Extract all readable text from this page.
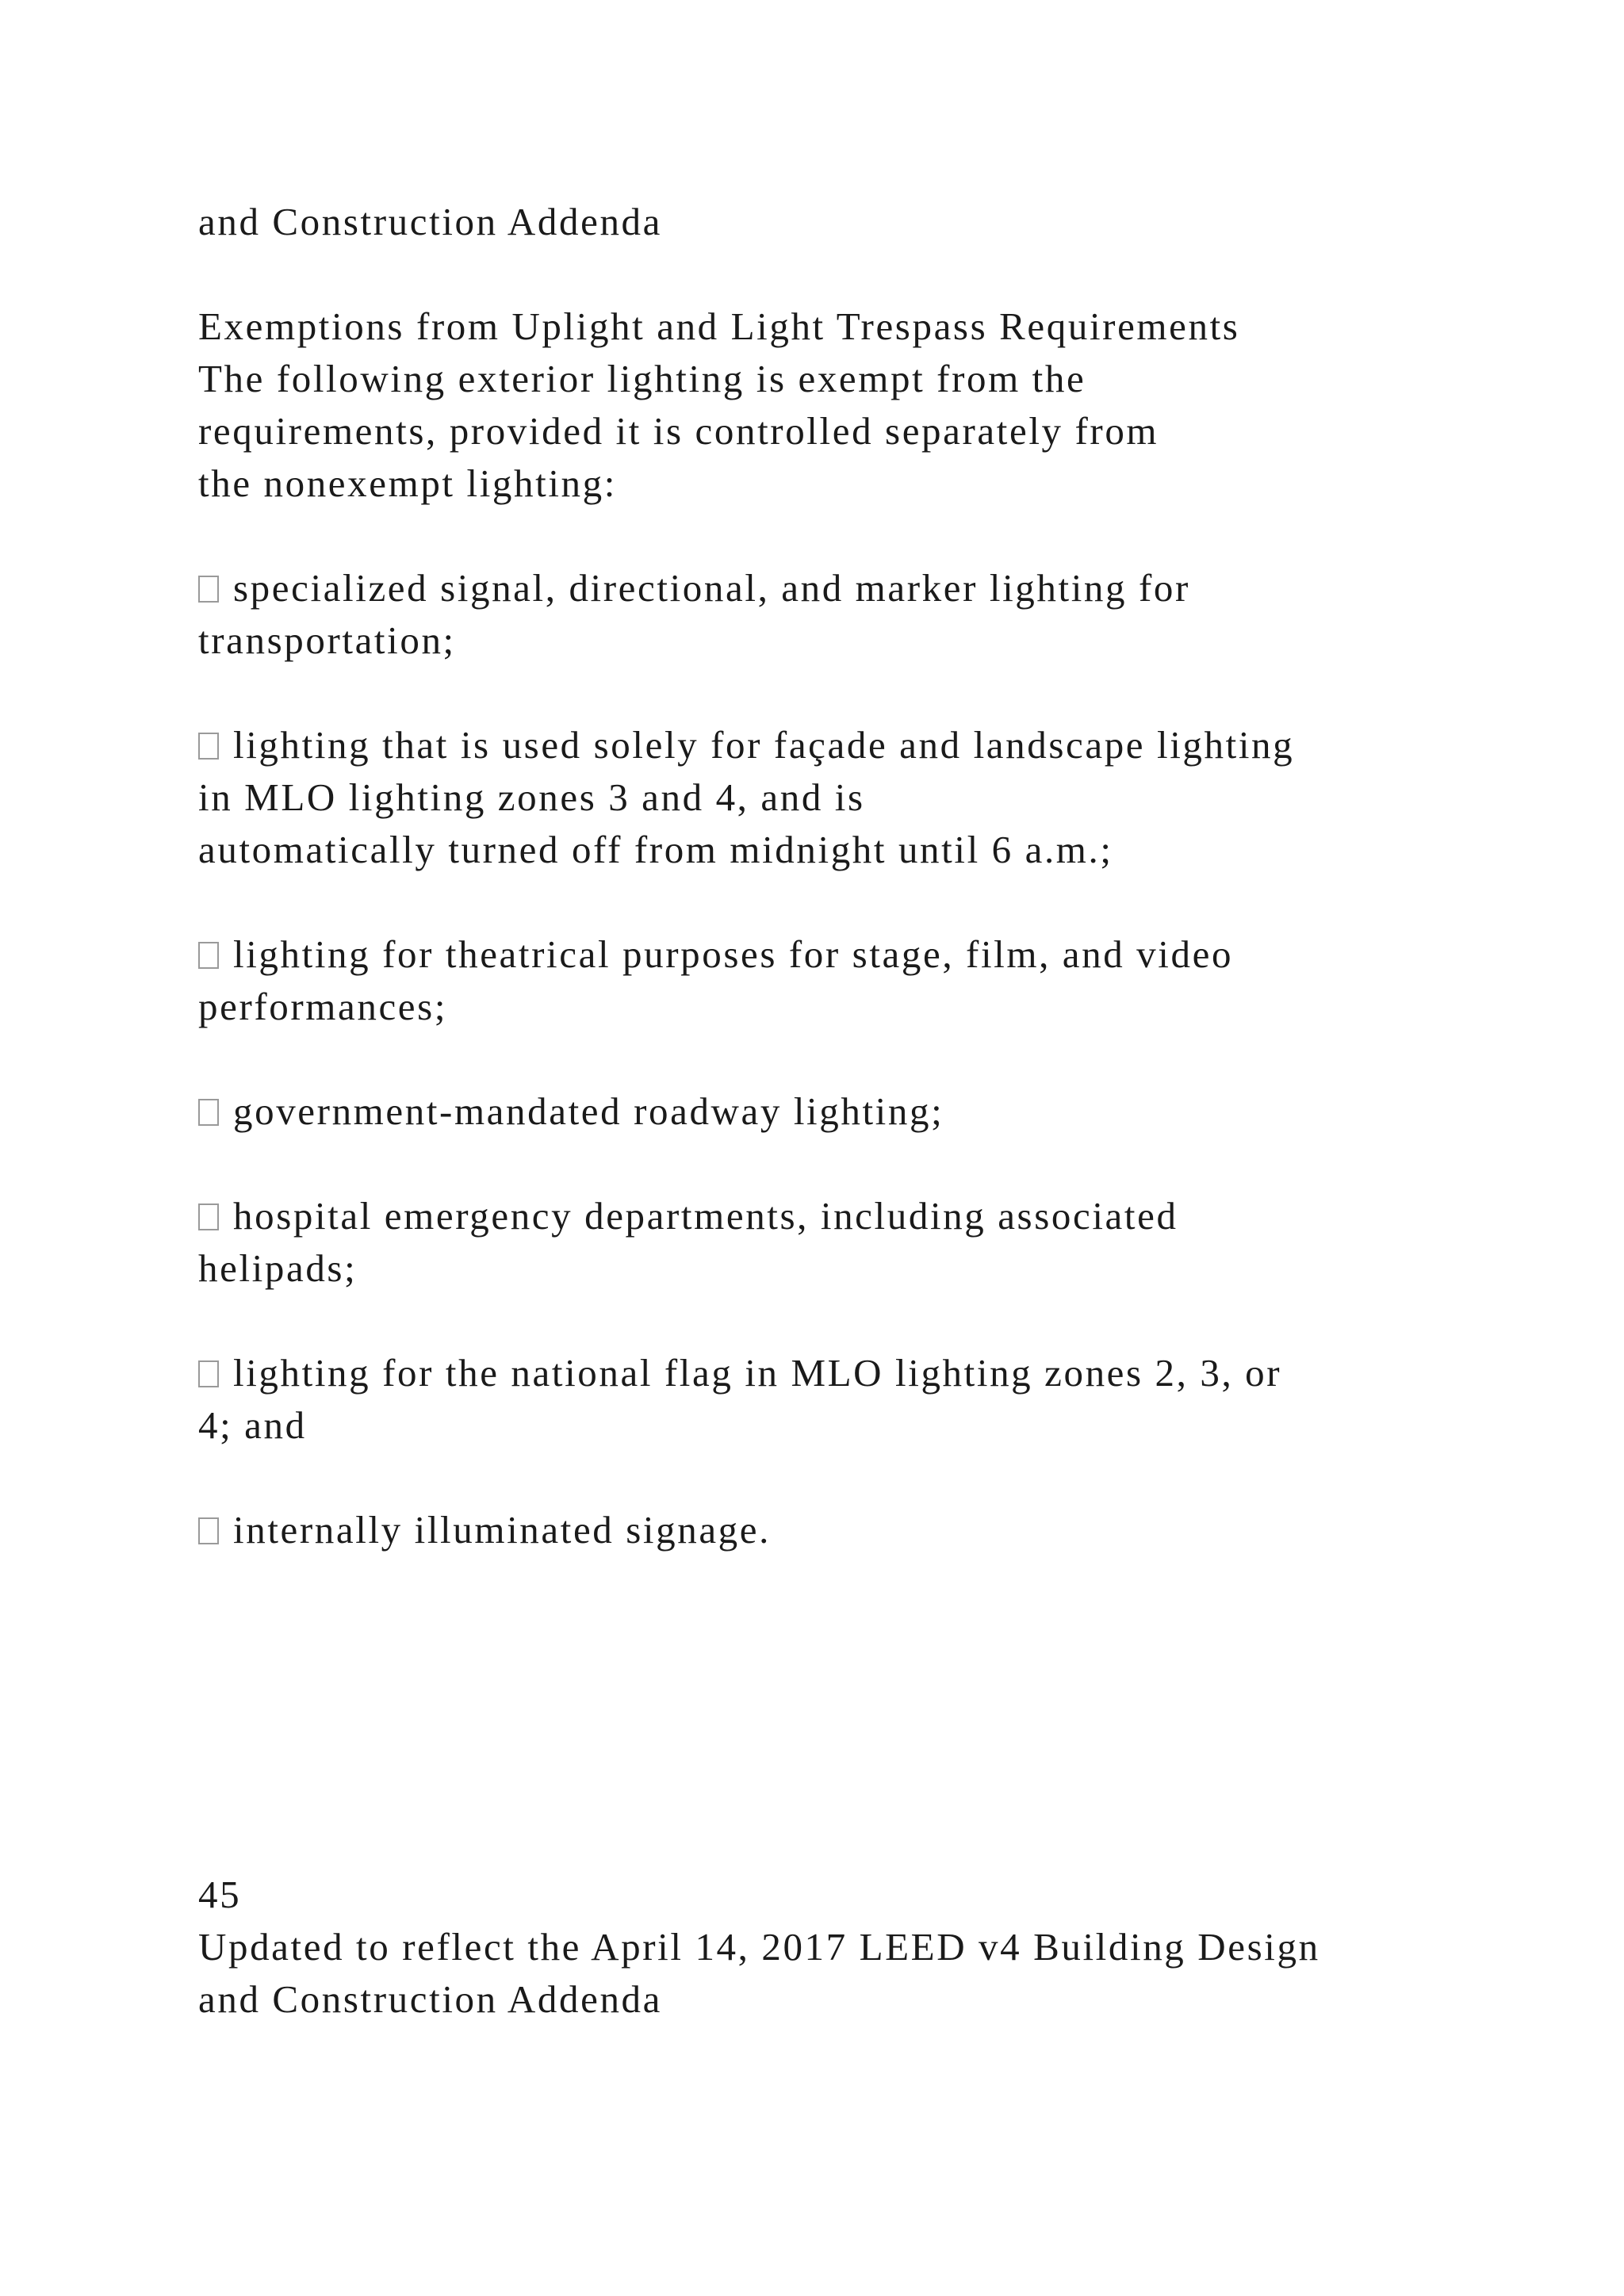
and Construction Addenda
Exemptions from Uplight and Light Trespass Requirements
The following exterior lighting is exempt from the
requirements, provided it is controlled separately from
the nonexempt lighting:
specialized signal, directional, and marker lighting for
transportation;
lighting that is used solely for façade and landscape lighting
in MLO lighting zones 3 and 4, and is
automatically turned off from midnight until 6 a.m.;
lighting for theatrical purposes for stage, film, and video
performances;
government-mandated roadway lighting;
hospital emergency departments, including associated
helipads;
lighting for the national flag in MLO lighting zones 2, 3, or
4; and
internally illuminated signage.
45
Updated to reflect the April 14, 2017 LEED v4 Building Design
and Construction Addenda
